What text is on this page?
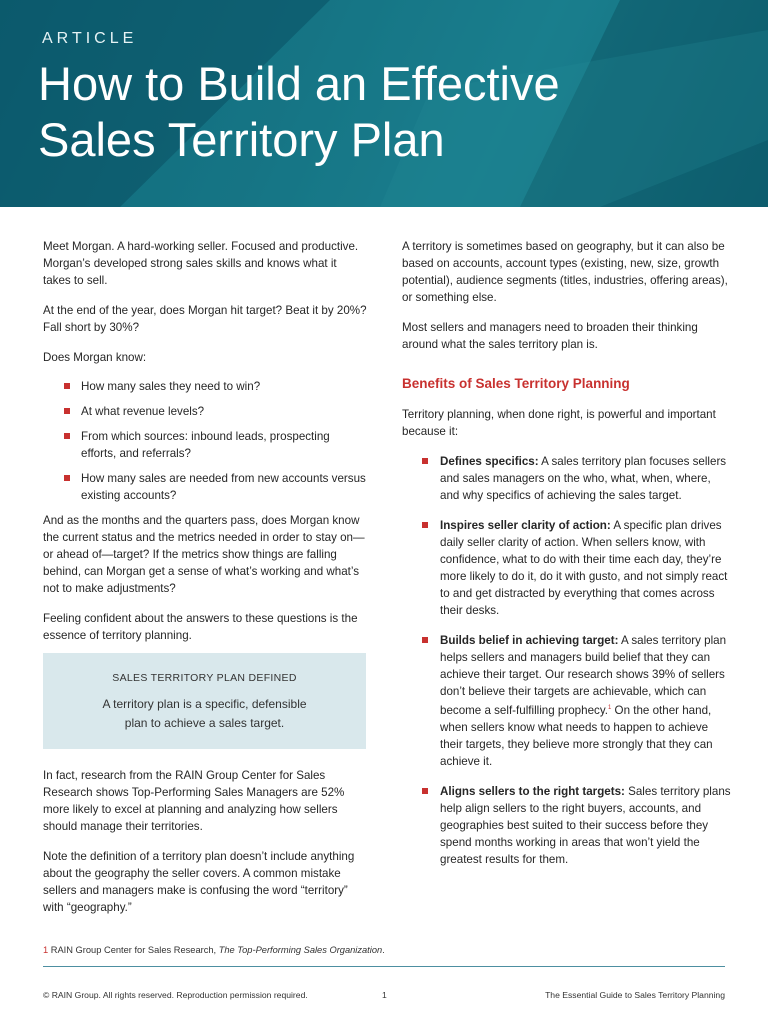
ARTICLE
How to Build an Effective
Sales Territory Plan

Meet Morgan. A hard-working seller. Focused and productive. Morgan’s developed strong sales skills and knows what it takes to sell.

At the end of the year, does Morgan hit target? Beat it by 20%? Fall short by 30%?

Does Morgan know:

How many sales they need to win?
At what revenue levels?
From which sources: inbound leads, prospecting efforts, and referrals?
How many sales are needed from new accounts versus existing accounts?

And as the months and the quarters pass, does Morgan know the current status and the metrics needed in order to stay on—or ahead of—target? If the metrics show things are falling behind, can Morgan get a sense of what’s working and what’s not to make adjustments?

Feeling confident about the answers to these questions is the essence of territory planning.

SALES TERRITORY PLAN DEFINED
A territory plan is a specific, defensible plan to achieve a sales target.

In fact, research from the RAIN Group Center for Sales Research shows Top-Performing Sales Managers are 52% more likely to excel at planning and analyzing how sellers should manage their territories.

Note the definition of a territory plan doesn’t include anything about the geography the seller covers. A common mistake sellers and managers make is confusing the word “territory” with “geography.”

A territory is sometimes based on geography, but it can also be based on accounts, account types (existing, new, size, growth potential), audience segments (titles, industries, offering areas), or something else.

Most sellers and managers need to broaden their thinking around what the sales territory plan is.

Benefits of Sales Territory Planning

Territory planning, when done right, is powerful and important because it:

Defines specifics: A sales territory plan focuses sellers and sales managers on the who, what, when, where, and why specifics of achieving the sales target.
Inspires seller clarity of action: A specific plan drives daily seller clarity of action. When sellers know, with confidence, what to do with their time each day, they’re more likely to do it, do it with gusto, and not simply react to and get distracted by everything that comes across their desks.
Builds belief in achieving target: A sales territory plan helps sellers and managers build belief that they can achieve their target. Our research shows 39% of sellers don’t believe their targets are achievable, which can become a self-fulfilling prophecy.$^1$ On the other hand, when sellers know what needs to happen to achieve their targets, they believe more strongly that they can achieve it.
Aligns sellers to the right targets: Sales territory plans help align sellers to the right buyers, accounts, and geographies best suited to their success before they spend months working in areas that won’t yield the greatest results for them.
1 RAIN Group Center for Sales Research, The Top-Performing Sales Organization.
© RAIN Group. All rights reserved. Reproduction permission required.	1	The Essential Guide to Sales Territory Planning
